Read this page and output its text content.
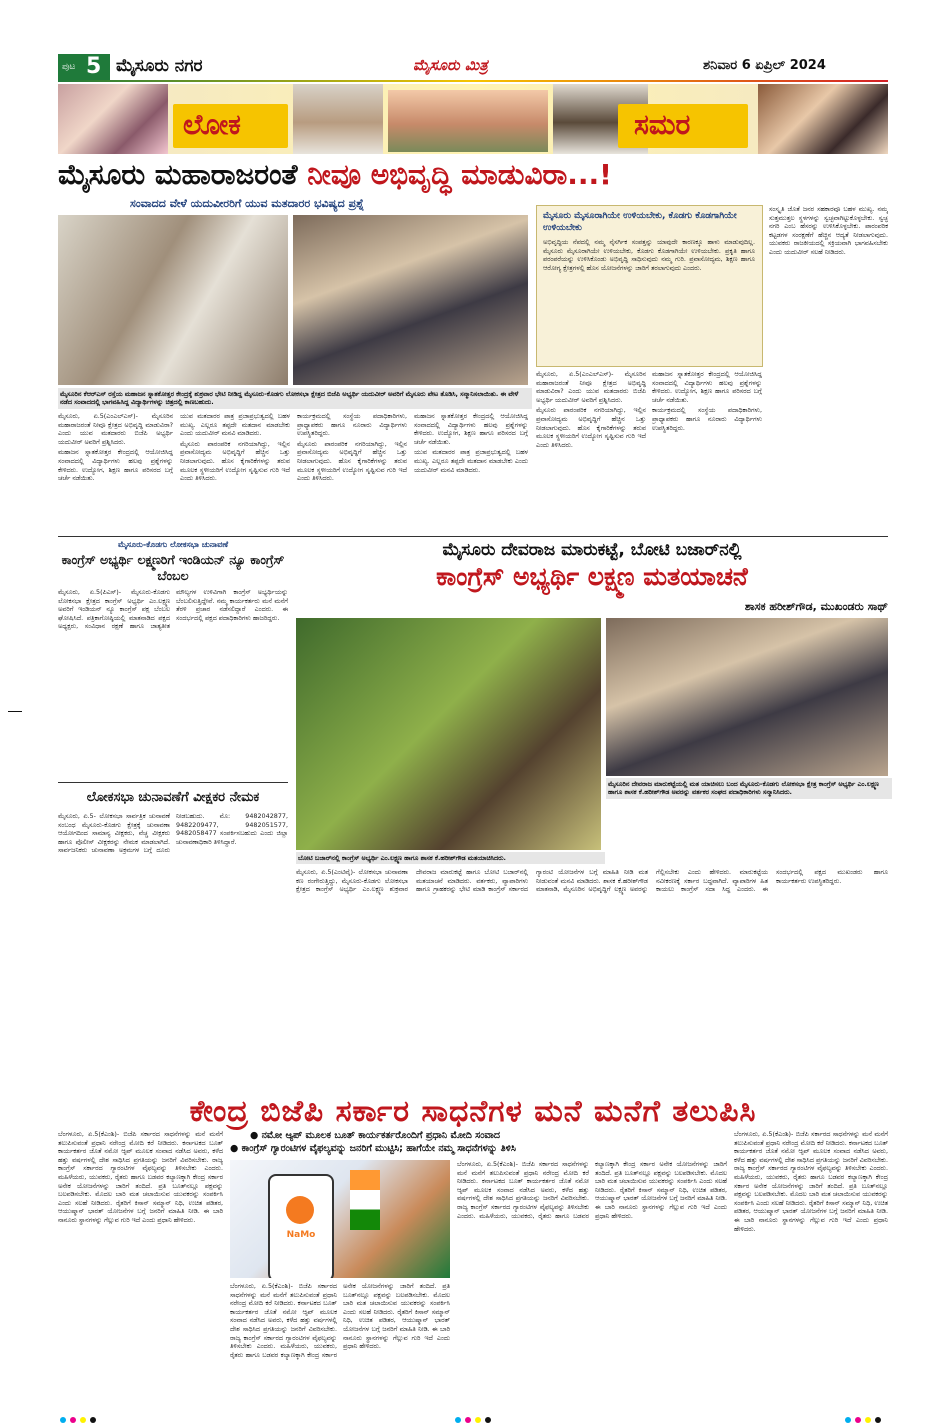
ಪುಟ 5 ಮೈಸೂರು ನಗರ	ಮೈಸೂರು ಮಿತ್ರ	ಶನಿವಾರ 6 ಏಪ್ರಿಲ್ 2024
ಲೋಕ	ಸಮರ
ಮೈಸೂರು ಮಹಾರಾಜರಂತೆ ನೀವೂ ಅಭಿವೃದ್ಧಿ ಮಾಡುವಿರಾ...!
ಸಂವಾದದ ವೇಳೆ ಯದುವೀರರಿಗೆ ಯುವ ಮತದಾರರ ಭವಿಷ್ಯದ ಪ್ರಶ್ನೆ
ಮೈಸೂರಿನ ಕೆಆರ್‌ಎಸ್ ರಸ್ತೆಯ ಮಹಾಜನ ಸ್ನಾತಕೋತ್ತರ ಕೇಂದ್ರಕ್ಕೆ ಶುಕ್ರವಾರ ಭೇಟಿ ನೀಡಿದ್ದ ಮೈಸೂರು-ಕೊಡಗು ಲೋಕಸಭಾ ಕ್ಷೇತ್ರದ ಬಿಜೆಪಿ ಅಭ್ಯರ್ಥಿ ಯದುವೀರ್ ಅವರಿಗೆ ಮೈಸೂರು ಪೇಟ ತೊಡಿಸಿ, ಸನ್ಮಾನಿಸಲಾಯಿತು. ಈ ವೇಳೆ ನಡೆದ ಸಂವಾದದಲ್ಲಿ ಭಾಗವಹಿಸಿದ್ದ ವಿದ್ಯಾರ್ಥಿಗಳನ್ನು ಚಿತ್ರದಲ್ಲಿ ಕಾಣಬಹುದು.

ಮೈಸೂರು, ಏ.5(ಎಂಎಲ್‌ಎಸ್)- ಮೈಸೂರಿನ ಮಹಾರಾಜರಂತೆ ನೀವೂ ಕ್ಷೇತ್ರದ ಅಭಿವೃದ್ಧಿ ಮಾಡುವಿರಾ? ಎಂದು ಯುವ ಮತದಾರರು ಬಿಜೆಪಿ ಅಭ್ಯರ್ಥಿ ಯದುವೀರ್ ಅವರಿಗೆ ಪ್ರಶ್ನಿಸಿದರು.

ಮಹಾಜನ ಸ್ನಾತಕೋತ್ತರ ಕೇಂದ್ರದಲ್ಲಿ ಆಯೋಜಿಸಿದ್ದ ಸಂವಾದದಲ್ಲಿ ವಿದ್ಯಾರ್ಥಿಗಳು ಹಲವು ಪ್ರಶ್ನೆಗಳನ್ನು ಕೇಳಿದರು. ಉದ್ಯೋಗ, ಶಿಕ್ಷಣ ಹಾಗೂ ಪರಿಸರದ ಬಗ್ಗೆ ಚರ್ಚೆ ನಡೆಯಿತು.

ಯುವ ಮತದಾರರ ಪಾತ್ರ ಪ್ರಜಾಪ್ರಭುತ್ವದಲ್ಲಿ ಬಹಳ ಮುಖ್ಯ. ಎಲ್ಲರೂ ತಪ್ಪದೇ ಮತದಾನ ಮಾಡಬೇಕು ಎಂದು ಯದುವೀರ್ ಮನವಿ ಮಾಡಿದರು.

ಮೈಸೂರು ಪಾರಂಪರಿಕ ನಗರಿಯಾಗಿದ್ದು, ಇಲ್ಲಿನ ಪ್ರವಾಸೋದ್ಯಮ ಅಭಿವೃದ್ಧಿಗೆ ಹೆಚ್ಚಿನ ಒತ್ತು ನೀಡಲಾಗುವುದು. ಹೊಸ ಕೈಗಾರಿಕೆಗಳನ್ನು ತರುವ ಮೂಲಕ ಸ್ಥಳೀಯರಿಗೆ ಉದ್ಯೋಗ ಸೃಷ್ಟಿಸುವ ಗುರಿ ಇದೆ ಎಂದು ತಿಳಿಸಿದರು.

ಕಾರ್ಯಕ್ರಮದಲ್ಲಿ ಸಂಸ್ಥೆಯ ಪದಾಧಿಕಾರಿಗಳು, ಪ್ರಾಧ್ಯಾಪಕರು ಹಾಗೂ ನೂರಾರು ವಿದ್ಯಾರ್ಥಿಗಳು ಉಪಸ್ಥಿತರಿದ್ದರು.

ಮೈಸೂರು ಪಾರಂಪರಿಕ ನಗರಿಯಾಗಿದ್ದು, ಇಲ್ಲಿನ ಪ್ರವಾಸೋದ್ಯಮ ಅಭಿವೃದ್ಧಿಗೆ ಹೆಚ್ಚಿನ ಒತ್ತು ನೀಡಲಾಗುವುದು. ಹೊಸ ಕೈಗಾರಿಕೆಗಳನ್ನು ತರುವ ಮೂಲಕ ಸ್ಥಳೀಯರಿಗೆ ಉದ್ಯೋಗ ಸೃಷ್ಟಿಸುವ ಗುರಿ ಇದೆ ಎಂದು ತಿಳಿಸಿದರು.

ಮಹಾಜನ ಸ್ನಾತಕೋತ್ತರ ಕೇಂದ್ರದಲ್ಲಿ ಆಯೋಜಿಸಿದ್ದ ಸಂವಾದದಲ್ಲಿ ವಿದ್ಯಾರ್ಥಿಗಳು ಹಲವು ಪ್ರಶ್ನೆಗಳನ್ನು ಕೇಳಿದರು. ಉದ್ಯೋಗ, ಶಿಕ್ಷಣ ಹಾಗೂ ಪರಿಸರದ ಬಗ್ಗೆ ಚರ್ಚೆ ನಡೆಯಿತು.

ಯುವ ಮತದಾರರ ಪಾತ್ರ ಪ್ರಜಾಪ್ರಭುತ್ವದಲ್ಲಿ ಬಹಳ ಮುಖ್ಯ. ಎಲ್ಲರೂ ತಪ್ಪದೇ ಮತದಾನ ಮಾಡಬೇಕು ಎಂದು ಯದುವೀರ್ ಮನವಿ ಮಾಡಿದರು.

ಮೈಸೂರು ಮೈಸೂರಾಗಿಯೇ ಉಳಿಯಬೇಕು, ಕೊಡಗು ಕೊಡಗಾಗಿಯೇ ಉಳಿಯಬೇಕು
ಅಭಿವೃದ್ಧಿಯ ನೆಪದಲ್ಲಿ ನಮ್ಮ ನೈಸರ್ಗಿಕ ಸಂಪತ್ತನ್ನು ಯಾವುದೇ ಕಾರಣಕ್ಕೂ ಹಾಳು ಮಾಡುವುದಿಲ್ಲ. ಮೈಸೂರು ಮೈಸೂರಾಗಿಯೇ ಉಳಿಯಬೇಕು, ಕೊಡಗು ಕೊಡಗಾಗಿಯೇ ಉಳಿಯಬೇಕು. ಪ್ರಕೃತಿ ಹಾಗೂ ಪರಂಪರೆಯನ್ನು ಉಳಿಸಿಕೊಂಡು ಅಭಿವೃದ್ಧಿ ಸಾಧಿಸುವುದು ನಮ್ಮ ಗುರಿ. ಪ್ರವಾಸೋದ್ಯಮ, ಶಿಕ್ಷಣ ಹಾಗೂ ಆರೋಗ್ಯ ಕ್ಷೇತ್ರಗಳಲ್ಲಿ ಹೊಸ ಯೋಜನೆಗಳನ್ನು ಜಾರಿಗೆ ತರಲಾಗುವುದು ಎಂದರು.

ಮೈಸೂರು, ಏ.5(ಎಂಎಲ್‌ಎಸ್)- ಮೈಸೂರಿನ ಮಹಾರಾಜರಂತೆ ನೀವೂ ಕ್ಷೇತ್ರದ ಅಭಿವೃದ್ಧಿ ಮಾಡುವಿರಾ? ಎಂದು ಯುವ ಮತದಾರರು ಬಿಜೆಪಿ ಅಭ್ಯರ್ಥಿ ಯದುವೀರ್ ಅವರಿಗೆ ಪ್ರಶ್ನಿಸಿದರು.

ಮೈಸೂರು ಪಾರಂಪರಿಕ ನಗರಿಯಾಗಿದ್ದು, ಇಲ್ಲಿನ ಪ್ರವಾಸೋದ್ಯಮ ಅಭಿವೃದ್ಧಿಗೆ ಹೆಚ್ಚಿನ ಒತ್ತು ನೀಡಲಾಗುವುದು. ಹೊಸ ಕೈಗಾರಿಕೆಗಳನ್ನು ತರುವ ಮೂಲಕ ಸ್ಥಳೀಯರಿಗೆ ಉದ್ಯೋಗ ಸೃಷ್ಟಿಸುವ ಗುರಿ ಇದೆ ಎಂದು ತಿಳಿಸಿದರು.

ಮಹಾಜನ ಸ್ನಾತಕೋತ್ತರ ಕೇಂದ್ರದಲ್ಲಿ ಆಯೋಜಿಸಿದ್ದ ಸಂವಾದದಲ್ಲಿ ವಿದ್ಯಾರ್ಥಿಗಳು ಹಲವು ಪ್ರಶ್ನೆಗಳನ್ನು ಕೇಳಿದರು. ಉದ್ಯೋಗ, ಶಿಕ್ಷಣ ಹಾಗೂ ಪರಿಸರದ ಬಗ್ಗೆ ಚರ್ಚೆ ನಡೆಯಿತು.

ಕಾರ್ಯಕ್ರಮದಲ್ಲಿ ಸಂಸ್ಥೆಯ ಪದಾಧಿಕಾರಿಗಳು, ಪ್ರಾಧ್ಯಾಪಕರು ಹಾಗೂ ನೂರಾರು ವಿದ್ಯಾರ್ಥಿಗಳು ಉಪಸ್ಥಿತರಿದ್ದರು.

ಸಂಸ್ಕೃತಿ ಜೊತೆ ಜನರ ಸಹಕಾರವೂ ಬಹಳ ಮುಖ್ಯ. ನಮ್ಮ ಸುತ್ತಮುತ್ತಲ ಸ್ಥಳಗಳನ್ನು ಸ್ವಚ್ಛವಾಗಿಟ್ಟುಕೊಳ್ಳಬೇಕು. ಸ್ವಚ್ಛ ನಗರಿ ಎಂಬ ಹೆಸರನ್ನು ಉಳಿಸಿಕೊಳ್ಳಬೇಕು. ಪಾರಂಪರಿಕ ಕಟ್ಟಡಗಳ ಸಂರಕ್ಷಣೆಗೆ ಹೆಚ್ಚಿನ ಆದ್ಯತೆ ನೀಡಲಾಗುವುದು. ಯುವಕರು ರಾಜಕೀಯದಲ್ಲಿ ಸಕ್ರಿಯವಾಗಿ ಭಾಗವಹಿಸಬೇಕು ಎಂದು ಯದುವೀರ್ ಸಲಹೆ ನೀಡಿದರು.
ಮೈಸೂರು-ಕೊಡಗು ಲೋಕಸಭಾ ಚುನಾವಣೆ
ಕಾಂಗ್ರೆಸ್ ಅಭ್ಯರ್ಥಿ ಲಕ್ಷ್ಮಣರಿಗೆ ಇಂಡಿಯನ್ ನ್ಯೂ ಕಾಂಗ್ರೆಸ್ ಬೆಂಬಲ
ಮೈಸೂರು, ಏ.5(ಪಿಎಸ್)- ಮೈಸೂರು-ಕೊಡಗು ಲೋಕಸಭಾ ಕ್ಷೇತ್ರದ ಕಾಂಗ್ರೆಸ್ ಅಭ್ಯರ್ಥಿ ಎಂ.ಲಕ್ಷ್ಮಣ ಅವರಿಗೆ ಇಂಡಿಯನ್ ನ್ಯೂ ಕಾಂಗ್ರೆಸ್ ಪಕ್ಷ ಬೆಂಬಲ ಘೋಷಿಸಿದೆ. ಪತ್ರಿಕಾಗೋಷ್ಠಿಯಲ್ಲಿ ಮಾತನಾಡಿದ ಪಕ್ಷದ ಅಧ್ಯಕ್ಷರು, ಸಂವಿಧಾನ ರಕ್ಷಣೆ ಹಾಗೂ ಜಾತ್ಯತೀತ ಮೌಲ್ಯಗಳ ಉಳಿವಿಗಾಗಿ ಕಾಂಗ್ರೆಸ್ ಅಭ್ಯರ್ಥಿಯನ್ನು ಬೆಂಬಲಿಸುತ್ತಿದ್ದೇವೆ. ನಮ್ಮ ಕಾರ್ಯಕರ್ತರು ಮನೆ ಮನೆಗೆ ತೆರಳಿ ಪ್ರಚಾರ ನಡೆಸಲಿದ್ದಾರೆ ಎಂದರು. ಈ ಸಂದರ್ಭದಲ್ಲಿ ಪಕ್ಷದ ಪದಾಧಿಕಾರಿಗಳು ಹಾಜರಿದ್ದರು.
ಲೋಕಸಭಾ ಚುನಾವಣೆಗೆ ವೀಕ್ಷಕರ ನೇಮಕ
ಮೈಸೂರು, ಏ.5- ಲೋಕಸಭಾ ಸಾರ್ವತ್ರಿಕ ಚುನಾವಣೆ ಸಂಬಂಧ ಮೈಸೂರು-ಕೊಡಗು ಕ್ಷೇತ್ರಕ್ಕೆ ಚುನಾವಣಾ ಆಯೋಗದಿಂದ ಸಾಮಾನ್ಯ ವೀಕ್ಷಕರು, ವೆಚ್ಚ ವೀಕ್ಷಕರು ಹಾಗೂ ಪೊಲೀಸ್ ವೀಕ್ಷಕರನ್ನು ನೇಮಕ ಮಾಡಲಾಗಿದೆ. ಸಾರ್ವಜನಿಕರು ಚುನಾವಣಾ ಅಕ್ರಮಗಳ ಬಗ್ಗೆ ದೂರು ನೀಡಬಹುದು. ಮೊ: 9482042877, 9482209477, 9482051577, 9482058477 ಸಂಪರ್ಕಿಸಬಹುದು ಎಂದು ಜಿಲ್ಲಾ ಚುನಾವಣಾಧಿಕಾರಿ ತಿಳಿಸಿದ್ದಾರೆ.
ಮೈಸೂರು ದೇವರಾಜ ಮಾರುಕಟ್ಟೆ, ಬೋಟಿ ಬಜಾರ್‌ನಲ್ಲಿ
ಕಾಂಗ್ರೆಸ್ ಅಭ್ಯರ್ಥಿ ಲಕ್ಷ್ಮಣ ಮತಯಾಚನೆ
ಶಾಸಕ ಹರೀಶ್‌ಗೌಡ, ಮುಖಂಡರು ಸಾಥ್
ಬೋಟಿ ಬಜಾರ್‌ನಲ್ಲಿ ಕಾಂಗ್ರೆಸ್ ಅಭ್ಯರ್ಥಿ ಎಂ.ಲಕ್ಷ್ಮಣ ಹಾಗೂ ಶಾಸಕ ಕೆ.ಹರೀಶ್‌ಗೌಡ ಮತಯಾಚಿಸಿದರು.
ಮೈಸೂರಿನ ದೇವರಾಜ ಮಾರುಕಟ್ಟೆಯಲ್ಲಿ ಮತ ಯಾಚಿಸಲು ಬಂದ ಮೈಸೂರು-ಕೊಡಗು ಲೋಕಸಭಾ ಕ್ಷೇತ್ರ ಕಾಂಗ್ರೆಸ್ ಅಭ್ಯರ್ಥಿ ಎಂ.ಲಕ್ಷ್ಮಣ ಹಾಗೂ ಶಾಸಕ ಕೆ.ಹರೀಶ್‌ಗೌಡ ಅವರನ್ನು ವರ್ತಕರ ಸಂಘದ ಪದಾಧಿಕಾರಿಗಳು ಸನ್ಮಾನಿಸಿದರು.
ಮೈಸೂರು, ಏ.5(ಎಂಟಿವೈ)- ಲೋಕಸಭಾ ಚುನಾವಣಾ ಕಣ ರಂಗೇರುತ್ತಿದ್ದು, ಮೈಸೂರು-ಕೊಡಗು ಲೋಕಸಭಾ ಕ್ಷೇತ್ರದ ಕಾಂಗ್ರೆಸ್ ಅಭ್ಯರ್ಥಿ ಎಂ.ಲಕ್ಷ್ಮಣ ಶುಕ್ರವಾರ ದೇವರಾಜ ಮಾರುಕಟ್ಟೆ ಹಾಗೂ ಬೋಟಿ ಬಜಾರ್‌ನಲ್ಲಿ ಮತಯಾಚನೆ ಮಾಡಿದರು. ವರ್ತಕರು, ವ್ಯಾಪಾರಿಗಳು ಹಾಗೂ ಗ್ರಾಹಕರನ್ನು ಭೇಟಿ ಮಾಡಿ ಕಾಂಗ್ರೆಸ್ ಸರ್ಕಾರದ ಗ್ಯಾರಂಟಿ ಯೋಜನೆಗಳ ಬಗ್ಗೆ ಮಾಹಿತಿ ನೀಡಿ ಮತ ನೀಡುವಂತೆ ಮನವಿ ಮಾಡಿದರು. ಶಾಸಕ ಕೆ.ಹರೀಶ್‌ಗೌಡ ಮಾತನಾಡಿ, ಮೈಸೂರಿನ ಅಭಿವೃದ್ಧಿಗೆ ಲಕ್ಷ್ಮಣ ಅವರನ್ನು ಗೆಲ್ಲಿಸಬೇಕು ಎಂದು ಹೇಳಿದರು. ಮಾರುಕಟ್ಟೆಯ ನವೀಕರಣಕ್ಕೆ ಸರ್ಕಾರ ಬದ್ಧವಾಗಿದೆ. ವ್ಯಾಪಾರಿಗಳ ಹಿತ ಕಾಯಲು ಕಾಂಗ್ರೆಸ್ ಸದಾ ಸಿದ್ಧ ಎಂದರು. ಈ ಸಂದರ್ಭದಲ್ಲಿ ಪಕ್ಷದ ಮುಖಂಡರು ಹಾಗೂ ಕಾರ್ಯಕರ್ತರು ಉಪಸ್ಥಿತರಿದ್ದರು.
ಕೇಂದ್ರ ಬಿಜೆಪಿ ಸರ್ಕಾರ ಸಾಧನೆಗಳ ಮನೆ ಮನೆಗೆ ತಲುಪಿಸಿ
● ನಮೋ ಆ್ಯಪ್ ಮೂಲಕ ಬೂತ್ ಕಾರ್ಯಕರ್ತರೊಂದಿಗೆ ಪ್ರಧಾನಿ ಮೋದಿ ಸಂವಾದ
● ಕಾಂಗ್ರೆಸ್ ಗ್ಯಾರಂಟಿಗಳ ವೈಫಲ್ಯವನ್ನು ಜನರಿಗೆ ಮುಟ್ಟಿಸಿ; ಹಾಗೆಯೇ ನಮ್ಮ ಸಾಧನೆಗಳನ್ನು ತಿಳಿಸಿ
ಬೆಂಗಳೂರು, ಏ.5(ಕೆಎಂಶಿ)- ಬಿಜೆಪಿ ಸರ್ಕಾರದ ಸಾಧನೆಗಳನ್ನು ಮನೆ ಮನೆಗೆ ತಲುಪಿಸುವಂತೆ ಪ್ರಧಾನಿ ನರೇಂದ್ರ ಮೋದಿ ಕರೆ ನೀಡಿದರು. ಕರ್ನಾಟಕದ ಬೂತ್ ಕಾರ್ಯಕರ್ತರ ಜೊತೆ ನಮೋ ಆ್ಯಪ್ ಮೂಲಕ ಸಂವಾದ ನಡೆಸಿದ ಅವರು, ಕಳೆದ ಹತ್ತು ವರ್ಷಗಳಲ್ಲಿ ದೇಶ ಸಾಧಿಸಿದ ಪ್ರಗತಿಯನ್ನು ಜನರಿಗೆ ವಿವರಿಸಬೇಕು. ರಾಜ್ಯ ಕಾಂಗ್ರೆಸ್ ಸರ್ಕಾರದ ಗ್ಯಾರಂಟಿಗಳ ವೈಫಲ್ಯವನ್ನು ತಿಳಿಸಬೇಕು ಎಂದರು. ಮಹಿಳೆಯರು, ಯುವಕರು, ರೈತರು ಹಾಗೂ ಬಡವರ ಕಲ್ಯಾಣಕ್ಕಾಗಿ ಕೇಂದ್ರ ಸರ್ಕಾರ ಅನೇಕ ಯೋಜನೆಗಳನ್ನು ಜಾರಿಗೆ ತಂದಿದೆ. ಪ್ರತಿ ಬೂತ್‌ನಲ್ಲೂ ಪಕ್ಷವನ್ನು ಬಲಪಡಿಸಬೇಕು. ಮೊದಲ ಬಾರಿ ಮತ ಚಲಾಯಿಸುವ ಯುವಕರನ್ನು ಸಂಪರ್ಕಿಸಿ ಎಂದು ಸಲಹೆ ನೀಡಿದರು. ರೈತರಿಗೆ ಕಿಸಾನ್ ಸಮ್ಮಾನ್ ನಿಧಿ, ಉಚಿತ ಪಡಿತರ, ಆಯುಷ್ಮಾನ್ ಭಾರತ್ ಯೋಜನೆಗಳ ಬಗ್ಗೆ ಜನರಿಗೆ ಮಾಹಿತಿ ನೀಡಿ. ಈ ಬಾರಿ ನಾನೂರು ಸ್ಥಾನಗಳನ್ನು ಗೆಲ್ಲುವ ಗುರಿ ಇದೆ ಎಂದು ಪ್ರಧಾನಿ ಹೇಳಿದರು.
NaMo
ಬೆಂಗಳೂರು, ಏ.5(ಕೆಎಂಶಿ)- ಬಿಜೆಪಿ ಸರ್ಕಾರದ ಸಾಧನೆಗಳನ್ನು ಮನೆ ಮನೆಗೆ ತಲುಪಿಸುವಂತೆ ಪ್ರಧಾನಿ ನರೇಂದ್ರ ಮೋದಿ ಕರೆ ನೀಡಿದರು. ಕರ್ನಾಟಕದ ಬೂತ್ ಕಾರ್ಯಕರ್ತರ ಜೊತೆ ನಮೋ ಆ್ಯಪ್ ಮೂಲಕ ಸಂವಾದ ನಡೆಸಿದ ಅವರು, ಕಳೆದ ಹತ್ತು ವರ್ಷಗಳಲ್ಲಿ ದೇಶ ಸಾಧಿಸಿದ ಪ್ರಗತಿಯನ್ನು ಜನರಿಗೆ ವಿವರಿಸಬೇಕು. ರಾಜ್ಯ ಕಾಂಗ್ರೆಸ್ ಸರ್ಕಾರದ ಗ್ಯಾರಂಟಿಗಳ ವೈಫಲ್ಯವನ್ನು ತಿಳಿಸಬೇಕು ಎಂದರು. ಮಹಿಳೆಯರು, ಯುವಕರು, ರೈತರು ಹಾಗೂ ಬಡವರ ಕಲ್ಯಾಣಕ್ಕಾಗಿ ಕೇಂದ್ರ ಸರ್ಕಾರ ಅನೇಕ ಯೋಜನೆಗಳನ್ನು ಜಾರಿಗೆ ತಂದಿದೆ. ಪ್ರತಿ ಬೂತ್‌ನಲ್ಲೂ ಪಕ್ಷವನ್ನು ಬಲಪಡಿಸಬೇಕು. ಮೊದಲ ಬಾರಿ ಮತ ಚಲಾಯಿಸುವ ಯುವಕರನ್ನು ಸಂಪರ್ಕಿಸಿ ಎಂದು ಸಲಹೆ ನೀಡಿದರು. ರೈತರಿಗೆ ಕಿಸಾನ್ ಸಮ್ಮಾನ್ ನಿಧಿ, ಉಚಿತ ಪಡಿತರ, ಆಯುಷ್ಮಾನ್ ಭಾರತ್ ಯೋಜನೆಗಳ ಬಗ್ಗೆ ಜನರಿಗೆ ಮಾಹಿತಿ ನೀಡಿ. ಈ ಬಾರಿ ನಾನೂರು ಸ್ಥಾನಗಳನ್ನು ಗೆಲ್ಲುವ ಗುರಿ ಇದೆ ಎಂದು ಪ್ರಧಾನಿ ಹೇಳಿದರು.
ಬೆಂಗಳೂರು, ಏ.5(ಕೆಎಂಶಿ)- ಬಿಜೆಪಿ ಸರ್ಕಾರದ ಸಾಧನೆಗಳನ್ನು ಮನೆ ಮನೆಗೆ ತಲುಪಿಸುವಂತೆ ಪ್ರಧಾನಿ ನರೇಂದ್ರ ಮೋದಿ ಕರೆ ನೀಡಿದರು. ಕರ್ನಾಟಕದ ಬೂತ್ ಕಾರ್ಯಕರ್ತರ ಜೊತೆ ನಮೋ ಆ್ಯಪ್ ಮೂಲಕ ಸಂವಾದ ನಡೆಸಿದ ಅವರು, ಕಳೆದ ಹತ್ತು ವರ್ಷಗಳಲ್ಲಿ ದೇಶ ಸಾಧಿಸಿದ ಪ್ರಗತಿಯನ್ನು ಜನರಿಗೆ ವಿವರಿಸಬೇಕು. ರಾಜ್ಯ ಕಾಂಗ್ರೆಸ್ ಸರ್ಕಾರದ ಗ್ಯಾರಂಟಿಗಳ ವೈಫಲ್ಯವನ್ನು ತಿಳಿಸಬೇಕು ಎಂದರು. ಮಹಿಳೆಯರು, ಯುವಕರು, ರೈತರು ಹಾಗೂ ಬಡವರ ಕಲ್ಯಾಣಕ್ಕಾಗಿ ಕೇಂದ್ರ ಸರ್ಕಾರ ಅನೇಕ ಯೋಜನೆಗಳನ್ನು ಜಾರಿಗೆ ತಂದಿದೆ. ಪ್ರತಿ ಬೂತ್‌ನಲ್ಲೂ ಪಕ್ಷವನ್ನು ಬಲಪಡಿಸಬೇಕು. ಮೊದಲ ಬಾರಿ ಮತ ಚಲಾಯಿಸುವ ಯುವಕರನ್ನು ಸಂಪರ್ಕಿಸಿ ಎಂದು ಸಲಹೆ ನೀಡಿದರು. ರೈತರಿಗೆ ಕಿಸಾನ್ ಸಮ್ಮಾನ್ ನಿಧಿ, ಉಚಿತ ಪಡಿತರ, ಆಯುಷ್ಮಾನ್ ಭಾರತ್ ಯೋಜನೆಗಳ ಬಗ್ಗೆ ಜನರಿಗೆ ಮಾಹಿತಿ ನೀಡಿ. ಈ ಬಾರಿ ನಾನೂರು ಸ್ಥಾನಗಳನ್ನು ಗೆಲ್ಲುವ ಗುರಿ ಇದೆ ಎಂದು ಪ್ರಧಾನಿ ಹೇಳಿದರು.
ಬೆಂಗಳೂರು, ಏ.5(ಕೆಎಂಶಿ)- ಬಿಜೆಪಿ ಸರ್ಕಾರದ ಸಾಧನೆಗಳನ್ನು ಮನೆ ಮನೆಗೆ ತಲುಪಿಸುವಂತೆ ಪ್ರಧಾನಿ ನರೇಂದ್ರ ಮೋದಿ ಕರೆ ನೀಡಿದರು. ಕರ್ನಾಟಕದ ಬೂತ್ ಕಾರ್ಯಕರ್ತರ ಜೊತೆ ನಮೋ ಆ್ಯಪ್ ಮೂಲಕ ಸಂವಾದ ನಡೆಸಿದ ಅವರು, ಕಳೆದ ಹತ್ತು ವರ್ಷಗಳಲ್ಲಿ ದೇಶ ಸಾಧಿಸಿದ ಪ್ರಗತಿಯನ್ನು ಜನರಿಗೆ ವಿವರಿಸಬೇಕು. ರಾಜ್ಯ ಕಾಂಗ್ರೆಸ್ ಸರ್ಕಾರದ ಗ್ಯಾರಂಟಿಗಳ ವೈಫಲ್ಯವನ್ನು ತಿಳಿಸಬೇಕು ಎಂದರು. ಮಹಿಳೆಯರು, ಯುವಕರು, ರೈತರು ಹಾಗೂ ಬಡವರ ಕಲ್ಯಾಣಕ್ಕಾಗಿ ಕೇಂದ್ರ ಸರ್ಕಾರ ಅನೇಕ ಯೋಜನೆಗಳನ್ನು ಜಾರಿಗೆ ತಂದಿದೆ. ಪ್ರತಿ ಬೂತ್‌ನಲ್ಲೂ ಪಕ್ಷವನ್ನು ಬಲಪಡಿಸಬೇಕು. ಮೊದಲ ಬಾರಿ ಮತ ಚಲಾಯಿಸುವ ಯುವಕರನ್ನು ಸಂಪರ್ಕಿಸಿ ಎಂದು ಸಲಹೆ ನೀಡಿದರು. ರೈತರಿಗೆ ಕಿಸಾನ್ ಸಮ್ಮಾನ್ ನಿಧಿ, ಉಚಿತ ಪಡಿತರ, ಆಯುಷ್ಮಾನ್ ಭಾರತ್ ಯೋಜನೆಗಳ ಬಗ್ಗೆ ಜನರಿಗೆ ಮಾಹಿತಿ ನೀಡಿ. ಈ ಬಾರಿ ನಾನೂರು ಸ್ಥಾನಗಳನ್ನು ಗೆಲ್ಲುವ ಗುರಿ ಇದೆ ಎಂದು ಪ್ರಧಾನಿ ಹೇಳಿದರು.
